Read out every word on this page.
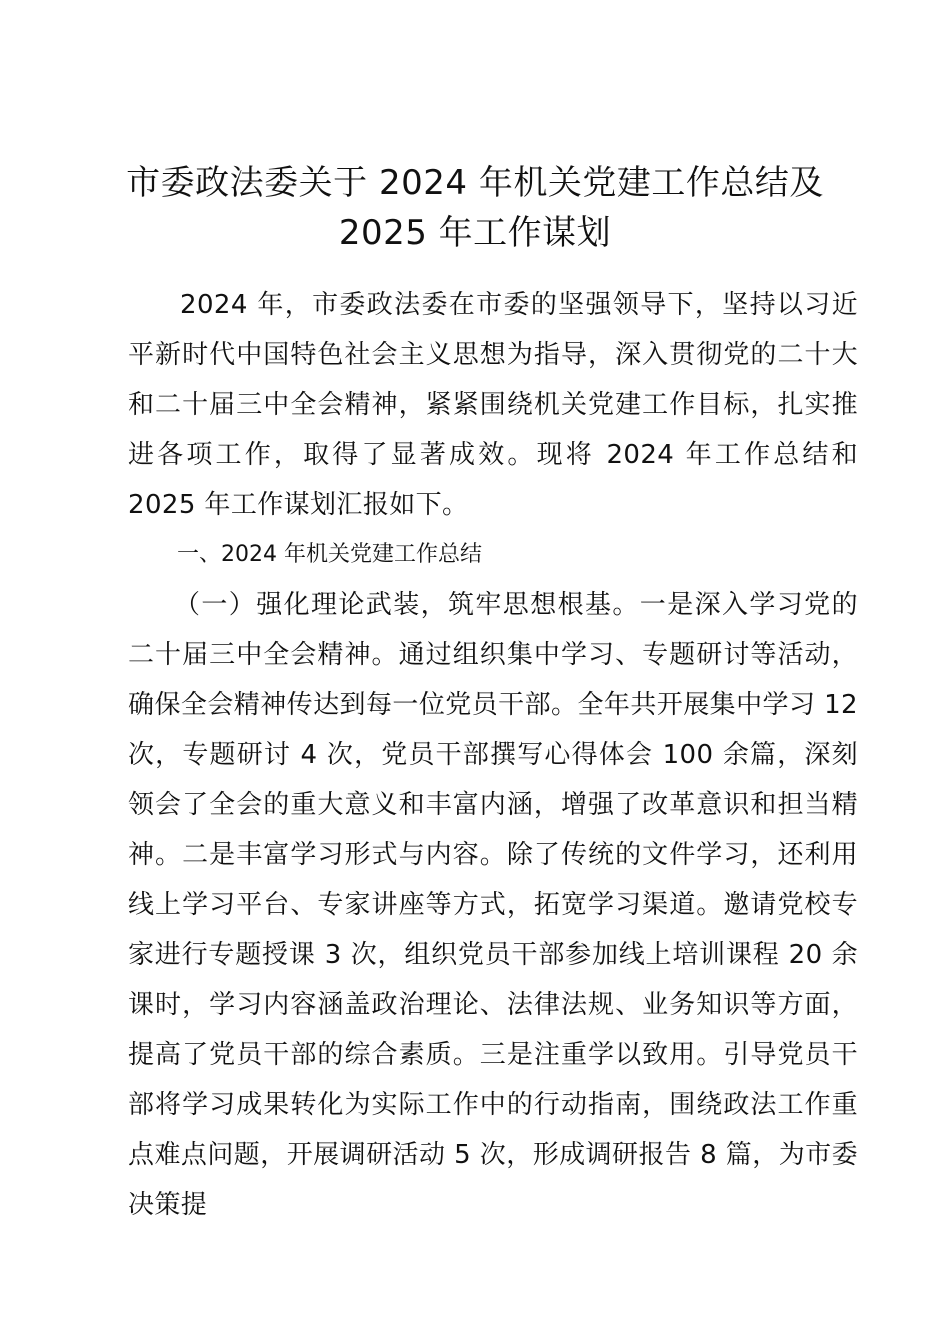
市委政法委关于 2024 年机关党建工作总结及
2025 年工作谋划

2024 年，市委政法委在市委的坚强领导下，坚持以习近平新时代中国特色社会主义思想为指导，深入贯彻党的二十大和二十届三中全会精神，紧紧围绕机关党建工作目标，扎实推进各项工作，取得了显著成效。现将 2024 年工作总结和 2025 年工作谋划汇报如下。

一、2024 年机关党建工作总结

（一）强化理论武装，筑牢思想根基。一是深入学习党的二十届三中全会精神。通过组织集中学习、专题研讨等活动，确保全会精神传达到每一位党员干部。全年共开展集中学习 12 次，专题研讨 4 次，党员干部撰写心得体会 100 余篇，深刻领会了全会的重大意义和丰富内涵，增强了改革意识和担当精神。二是丰富学习形式与内容。除了传统的文件学习，还利用线上学习平台、专家讲座等方式，拓宽学习渠道。邀请党校专家进行专题授课 3 次，组织党员干部参加线上培训课程 20 余课时，学习内容涵盖政治理论、法律法规、业务知识等方面，提高了党员干部的综合素质。三是注重学以致用。引导党员干部将学习成果转化为实际工作中的行动指南，围绕政法工作重点难点问题，开展调研活动 5 次，形成调研报告 8 篇，为市委决策提
